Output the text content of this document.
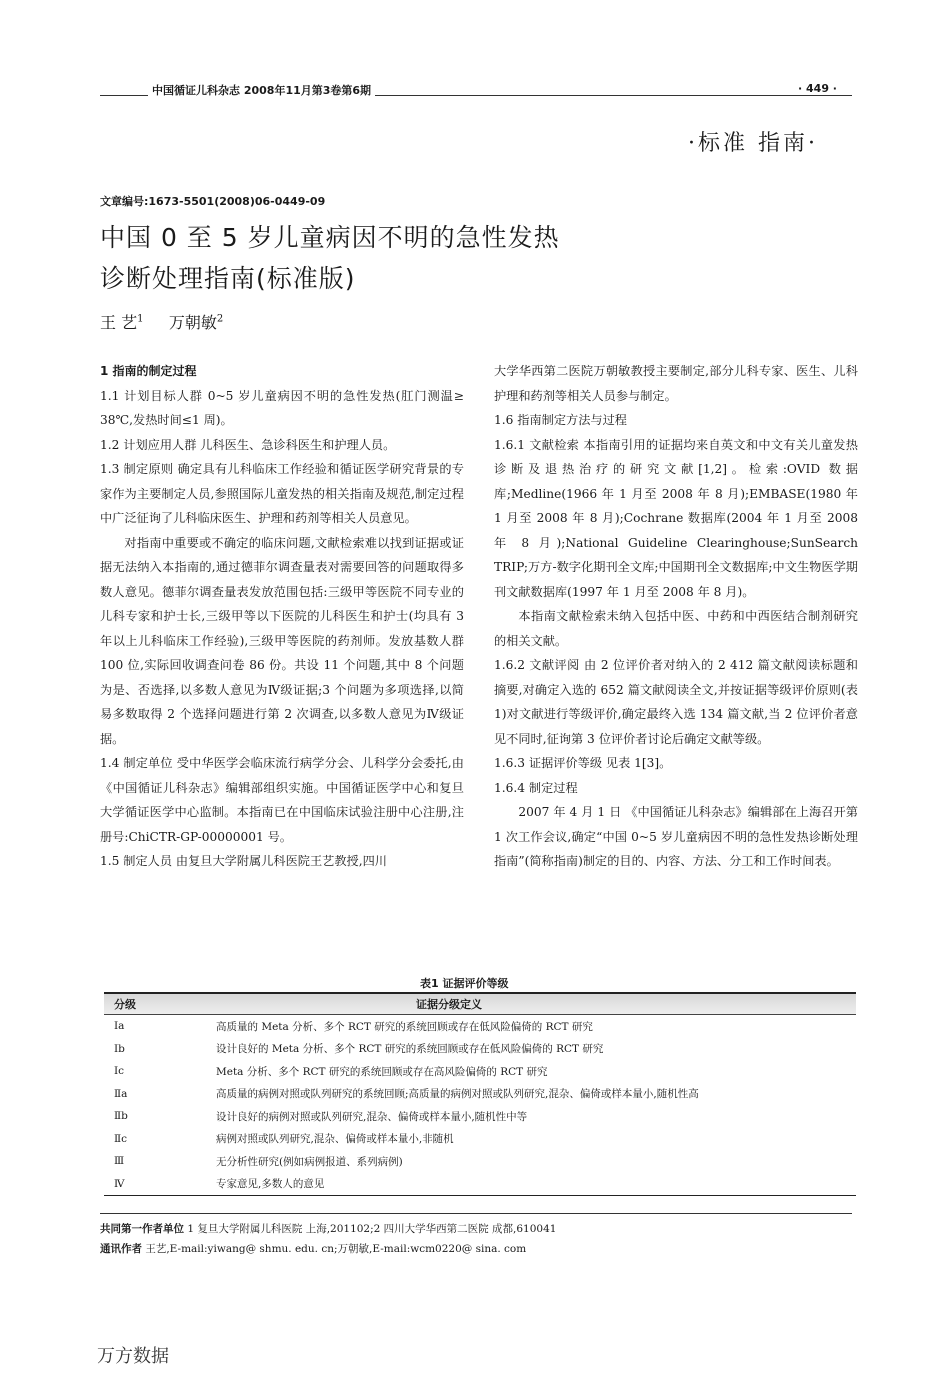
中国循证儿科杂志 2008年11月第3卷第6期	· 449 ·
·标准 指南·
文章编号:1673-5501(2008)06-0449-09
中国 0 至 5 岁儿童病因不明的急性发热
诊断处理指南(标准版)
王 艺$^1$ 万朝敏$^2$

1 指南的制定过程

1.1 计划目标人群 0~5 岁儿童病因不明的急性发热(肛门测温≥ 38℃,发热时间≤1 周)。

1.2 计划应用人群 儿科医生、急诊科医生和护理人员。

1.3 制定原则 确定具有儿科临床工作经验和循证医学研究背景的专家作为主要制定人员,参照国际儿童发热的相关指南及规范,制定过程中广泛征询了儿科临床医生、护理和药剂等相关人员意见。

对指南中重要或不确定的临床问题,文献检索难以找到证据或证据无法纳入本指南的,通过德菲尔调查量表对需要回答的问题取得多数人意见。德菲尔调查量表发放范围包括:三级甲等医院不同专业的儿科专家和护士长,三级甲等以下医院的儿科医生和护士(均具有 3 年以上儿科临床工作经验),三级甲等医院的药剂师。发放基数人群 100 位,实际回收调查问卷 86 份。共设 11 个问题,其中 8 个问题为是、否选择,以多数人意见为Ⅳ级证据;3 个问题为多项选择,以简易多数取得 2 个选择问题进行第 2 次调查,以多数人意见为Ⅳ级证据。

1.4 制定单位 受中华医学会临床流行病学分会、儿科学分会委托,由《中国循证儿科杂志》编辑部组织实施。中国循证医学中心和复旦大学循证医学中心监制。本指南已在中国临床试验注册中心注册,注册号:ChiCTR-GP-00000001 号。

1.5 制定人员 由复旦大学附属儿科医院王艺教授,四川

大学华西第二医院万朝敏教授主要制定,部分儿科专家、医生、儿科护理和药剂等相关人员参与制定。

1.6 指南制定方法与过程

1.6.1 文献检索 本指南引用的证据均来自英文和中文有关儿童发热诊断及退热治疗的研究文献[1,2]。检索:OVID 数据库;Medline(1966 年 1 月至 2008 年 8 月);EMBASE(1980 年 1 月至 2008 年 8 月);Cochrane 数据库(2004 年 1 月至 2008 年 8 月);National Guideline Clearinghouse;SunSearch TRIP;万方-数字化期刊全文库;中国期刊全文数据库;中文生物医学期刊文献数据库(1997 年 1 月至 2008 年 8 月)。

本指南文献检索未纳入包括中医、中药和中西医结合制剂研究的相关文献。

1.6.2 文献评阅 由 2 位评价者对纳入的 2 412 篇文献阅读标题和摘要,对确定入选的 652 篇文献阅读全文,并按证据等级评价原则(表 1)对文献进行等级评价,确定最终入选 134 篇文献,当 2 位评价者意见不同时,征询第 3 位评价者讨论后确定文献等级。

1.6.3 证据评价等级 见表 1[3]。

1.6.4 制定过程

2007 年 4 月 1 日 《中国循证儿科杂志》编辑部在上海召开第 1 次工作会议,确定“中国 0~5 岁儿童病因不明的急性发热诊断处理指南”(简称指南)制定的目的、内容、方法、分工和工作时间表。

表1 证据评价等级
分级	证据分级定义
Ⅰa	高质量的 Meta 分析、多个 RCT 研究的系统回顾或存在低风险偏倚的 RCT 研究
Ⅰb	设计良好的 Meta 分析、多个 RCT 研究的系统回顾或存在低风险偏倚的 RCT 研究
Ⅰc	Meta 分析、多个 RCT 研究的系统回顾或存在高风险偏倚的 RCT 研究
Ⅱa	高质量的病例对照或队列研究的系统回顾;高质量的病例对照或队列研究,混杂、偏倚或样本量小,随机性高
Ⅱb	设计良好的病例对照或队列研究,混杂、偏倚或样本量小,随机性中等
Ⅱc	病例对照或队列研究,混杂、偏倚或样本量小,非随机
Ⅲ	无分析性研究(例如病例报道、系列病例)
Ⅳ	专家意见,多数人的意见
共同第一作者单位 1 复旦大学附属儿科医院 上海,201102;2 四川大学华西第二医院 成都,610041
通讯作者 王艺,E-mail:yiwang@ shmu. edu. cn;万朝敏,E-mail:wcm0220@ sina. com
万方数据
